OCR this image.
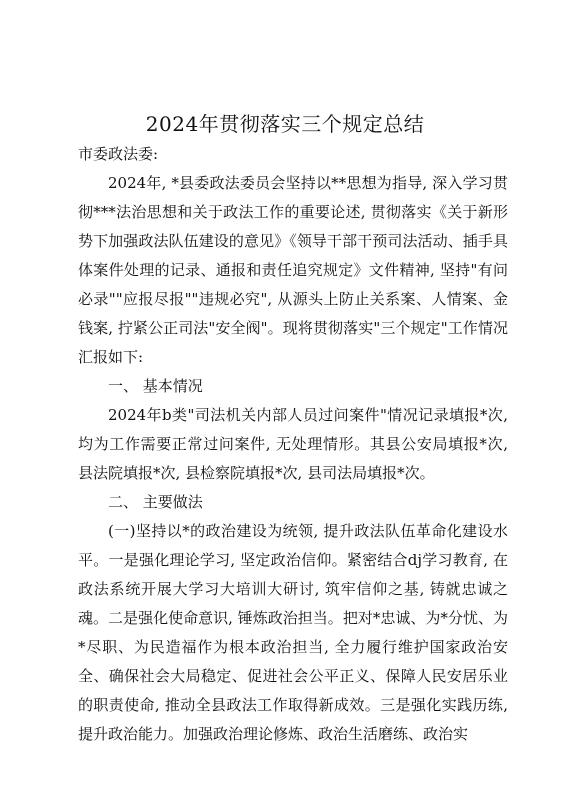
2024年贯彻落实三个规定总结

市委政法委:

2024年, *县委政法委员会坚持以**思想为指导, 深入学习贯彻***法治思想和关于政法工作的重要论述, 贯彻落实《关于新形势下加强政法队伍建设的意见》《领导干部干预司法活动、插手具体案件处理的记录、通报和责任追究规定》文件精神, 坚持"有问必录""应报尽报""违规必究", 从源头上防止关系案、人情案、金钱案, 拧紧公正司法"安全阀"。现将贯彻落实"三个规定"工作情况汇报如下:

一、 基本情况

2024年b类"司法机关内部人员过问案件"情况记录填报*次, 均为工作需要正常过问案件, 无处理情形。其县公安局填报*次, 县法院填报*次, 县检察院填报*次, 县司法局填报*次。

二、 主要做法

(一)坚持以*的政治建设为统领, 提升政法队伍革命化建设水平。一是强化理论学习, 坚定政治信仰。紧密结合dj学习教育, 在政法系统开展大学习大培训大研讨, 筑牢信仰之基, 铸就忠诚之魂。二是强化使命意识, 锤炼政治担当。把对*忠诚、为*分忧、为*尽职、为民造福作为根本政治担当, 全力履行维护国家政治安全、确保社会大局稳定、促进社会公平正义、保障人民安居乐业的职责使命, 推动全县政法工作取得新成效。三是强化实践历练, 提升政治能力。加强政治理论修炼、政治生活磨练、政治实
